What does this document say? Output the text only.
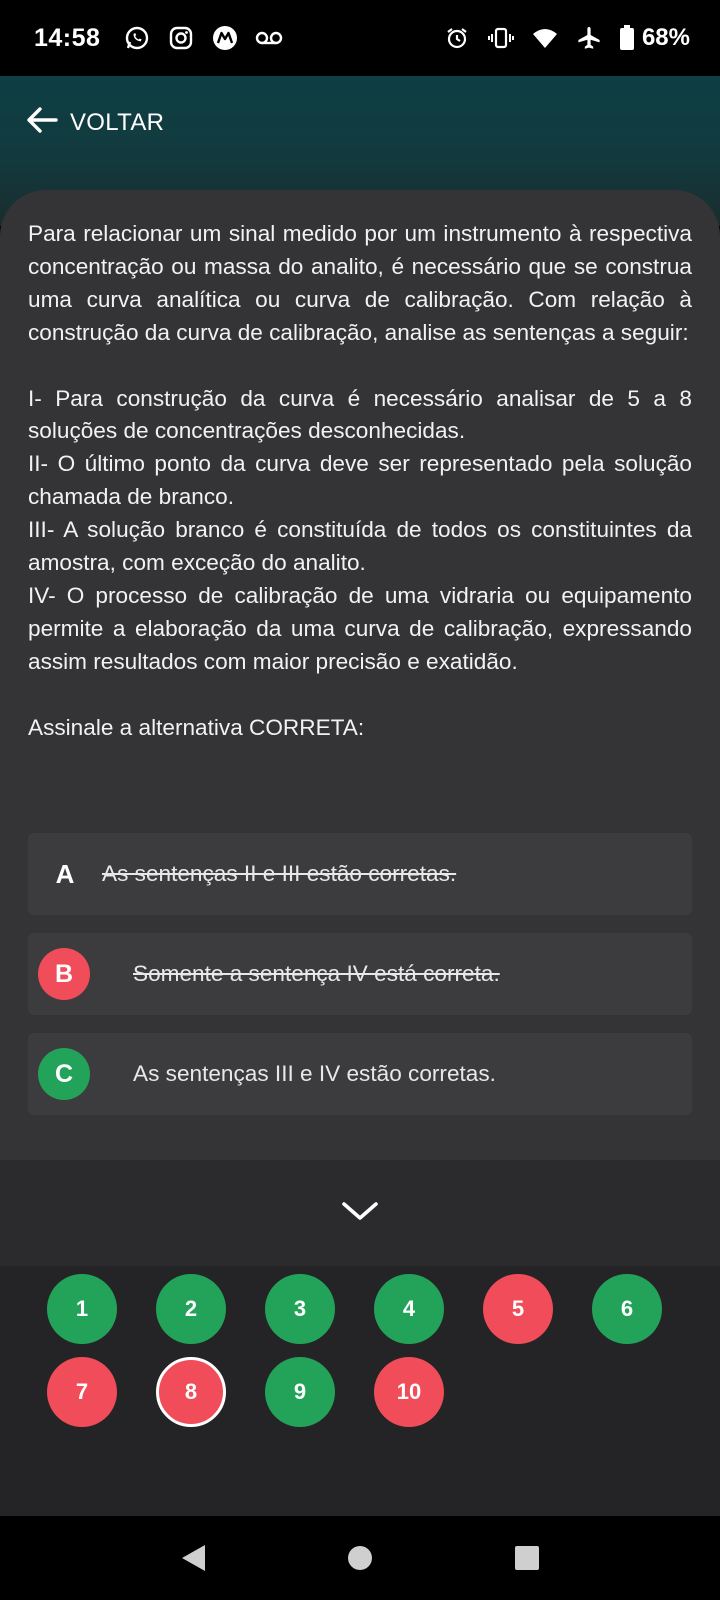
14:58	68%
VOLTAR

Para relacionar um sinal medido por um instrumento à respectiva concentração ou massa do analito, é necessário que se construa uma curva analítica ou curva de calibração. Com relação à construção da curva de calibração, analise as sentenças a seguir:

I- Para construção da curva é necessário analisar de 5 a 8 soluções de concentrações desconhecidas.

II- O último ponto da curva deve ser representado pela solução chamada de branco.

III- A solução branco é constituída de todos os constituintes da amostra, com exceção do analito.

IV- O processo de calibração de uma vidraria ou equipamento permite a elaboração da uma curva de calibração, expressando assim resultados com maior precisão e exatidão.

Assinale a alternativa CORRETA:

A	As sentenças II e III estão corretas.
B	Somente a sentença IV está correta.
C	As sentenças III e IV estão corretas.
1	2	3	4	5	6
7	8	9	10
